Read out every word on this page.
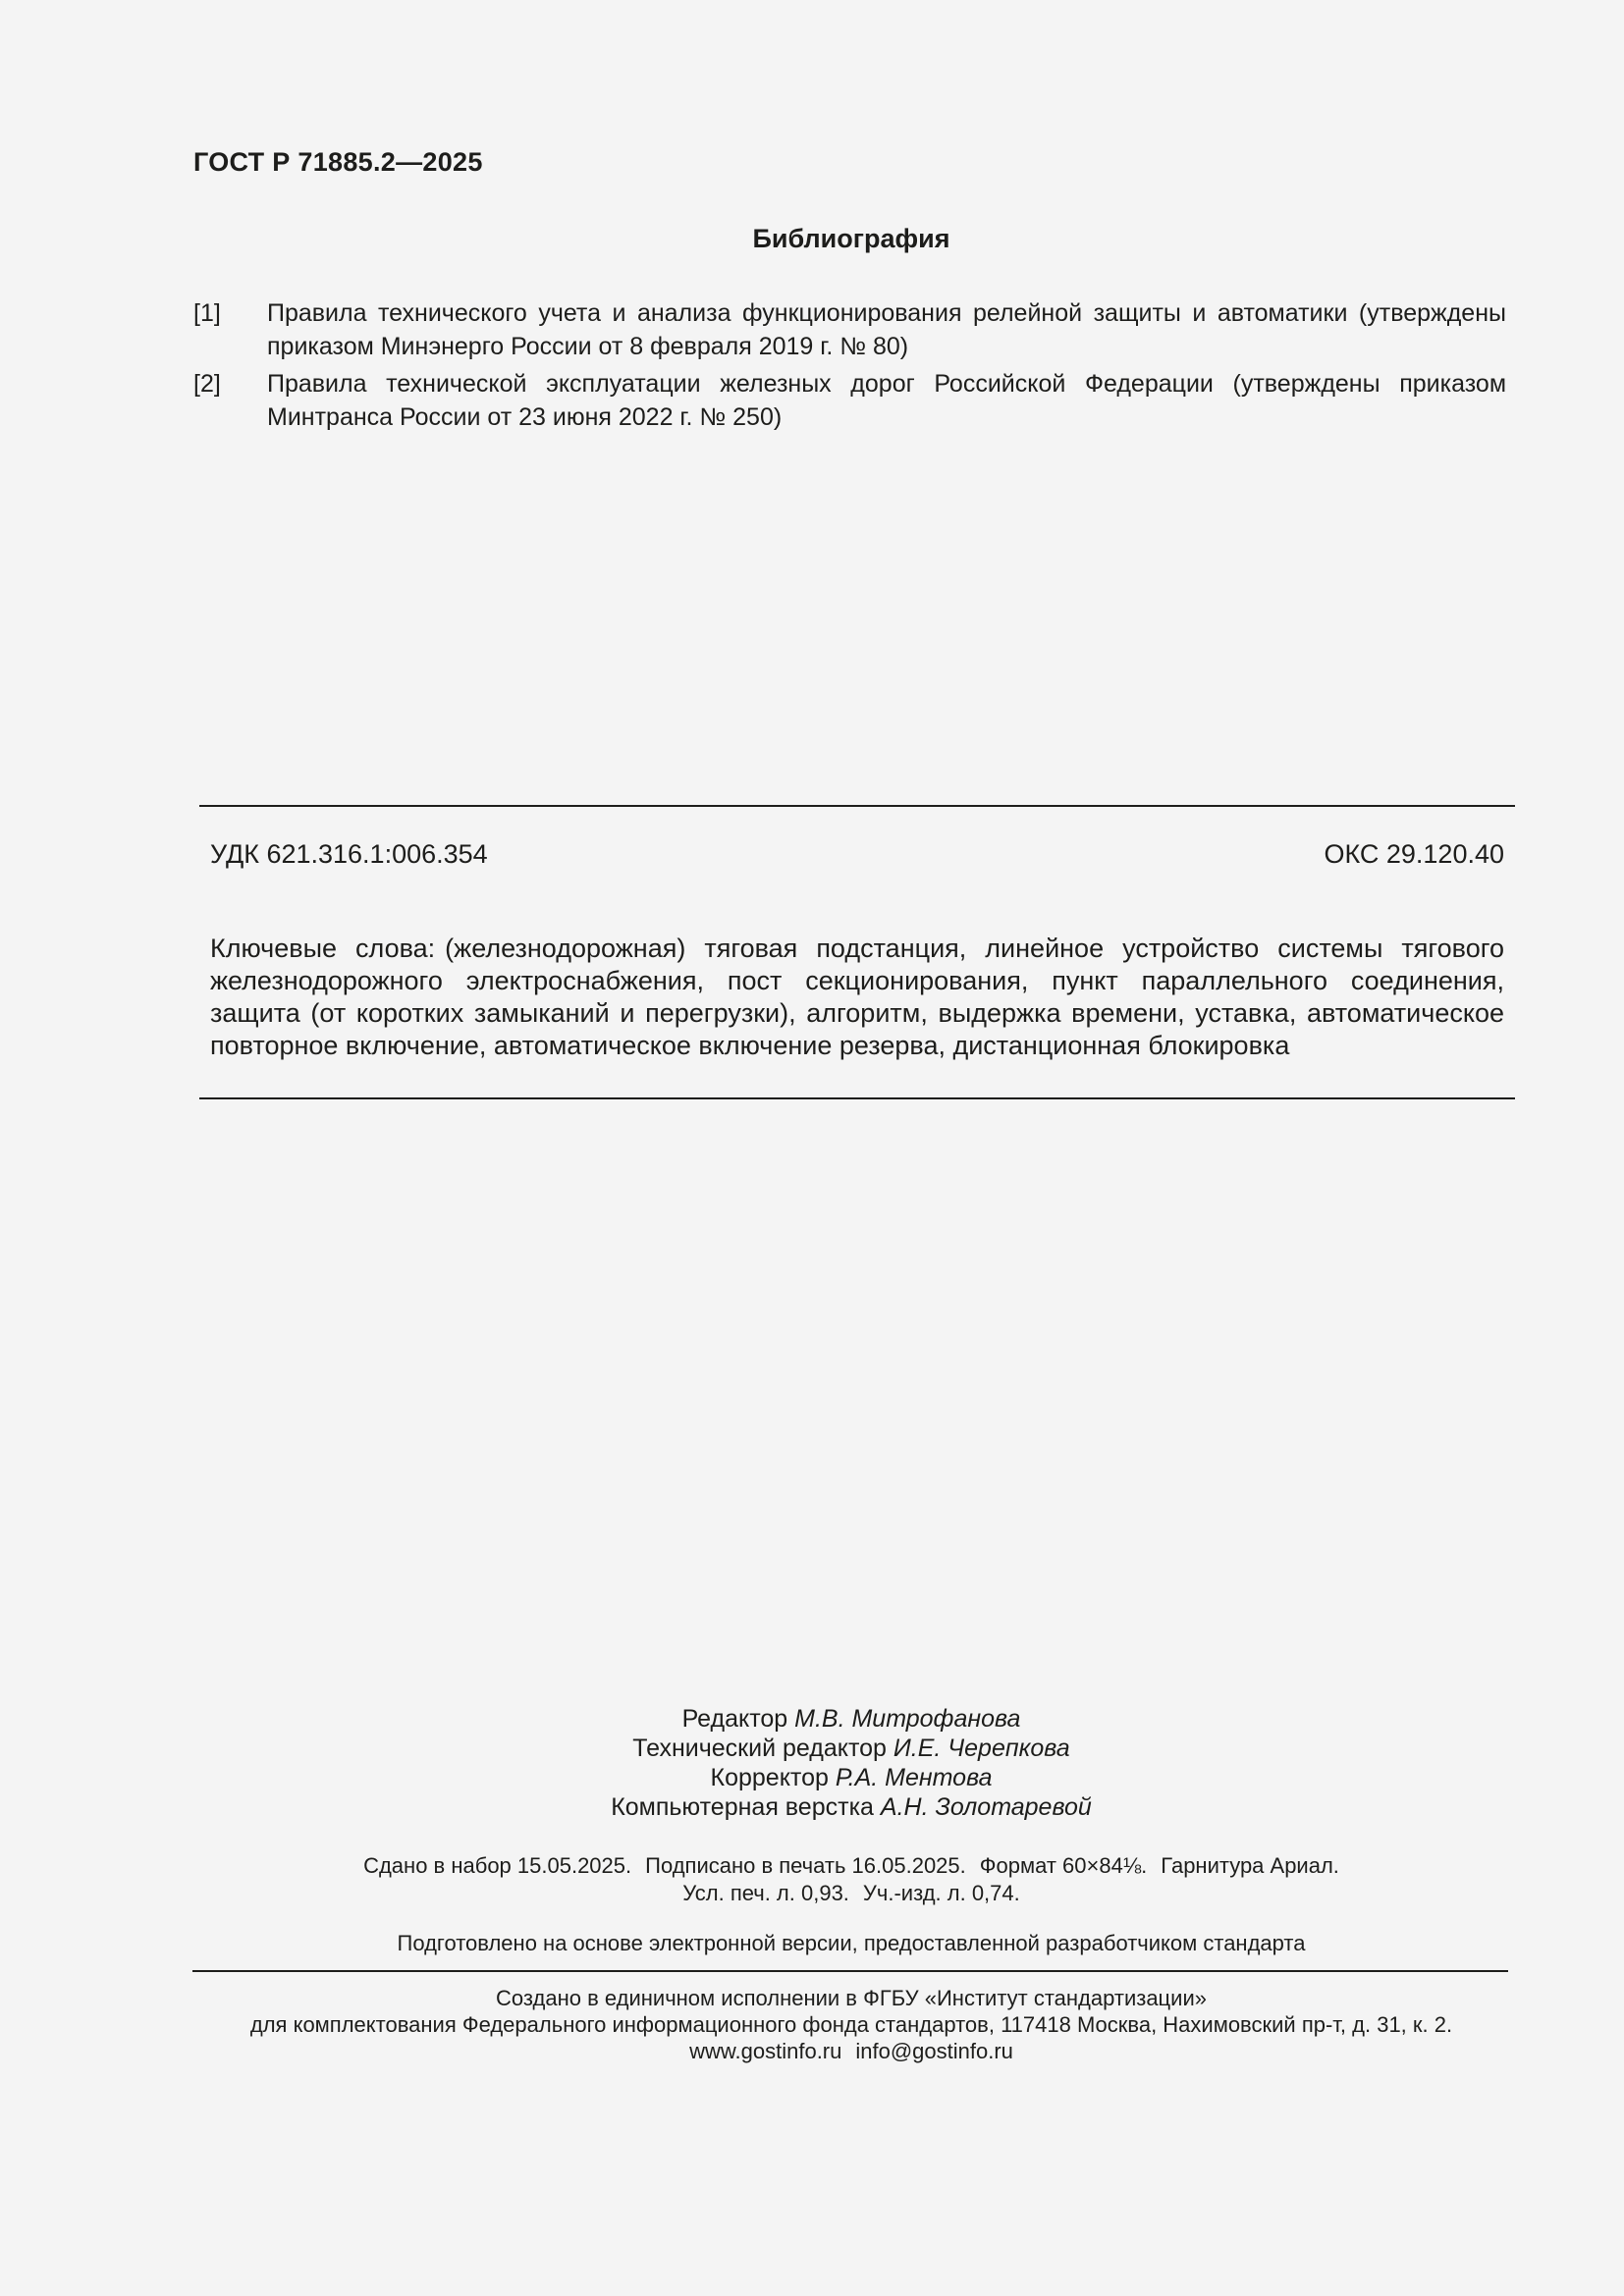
ГОСТ Р 71885.2—2025
Библиография
[1] Правила технического учета и анализа функционирования релейной защиты и автоматики (утверждены приказом Минэнерго России от 8 февраля 2019 г. № 80)
[2] Правила технической эксплуатации железных дорог Российской Федерации (утверждены приказом Минтранса России от 23 июня 2022 г. № 250)
УДК 621.316.1:006.354	ОКС 29.120.40
Ключевые слова: (железнодорожная) тяговая подстанция, линейное устройство системы тягового железнодорожного электроснабжения, пост секционирования, пункт параллельного соединения, защита (от коротких замыканий и перегрузки), алгоритм, выдержка времени, уставка, автоматическое повторное включение, автоматическое включение резерва, дистанционная блокировка
Редактор М.В. Митрофанова
Технический редактор И.Е. Черепкова
Корректор Р.А. Ментова
Компьютерная верстка А.Н. Золотаревой
Сдано в набор 15.05.2025. Подписано в печать 16.05.2025. Формат 60×84⅛. Гарнитура Ариал.
Усл. печ. л. 0,93. Уч.-изд. л. 0,74.
Подготовлено на основе электронной версии, предоставленной разработчиком стандарта
Создано в единичном исполнении в ФГБУ «Институт стандартизации»
для комплектования Федерального информационного фонда стандартов, 117418 Москва, Нахимовский пр-т, д. 31, к. 2.
www.gostinfo.ru info@gostinfo.ru
